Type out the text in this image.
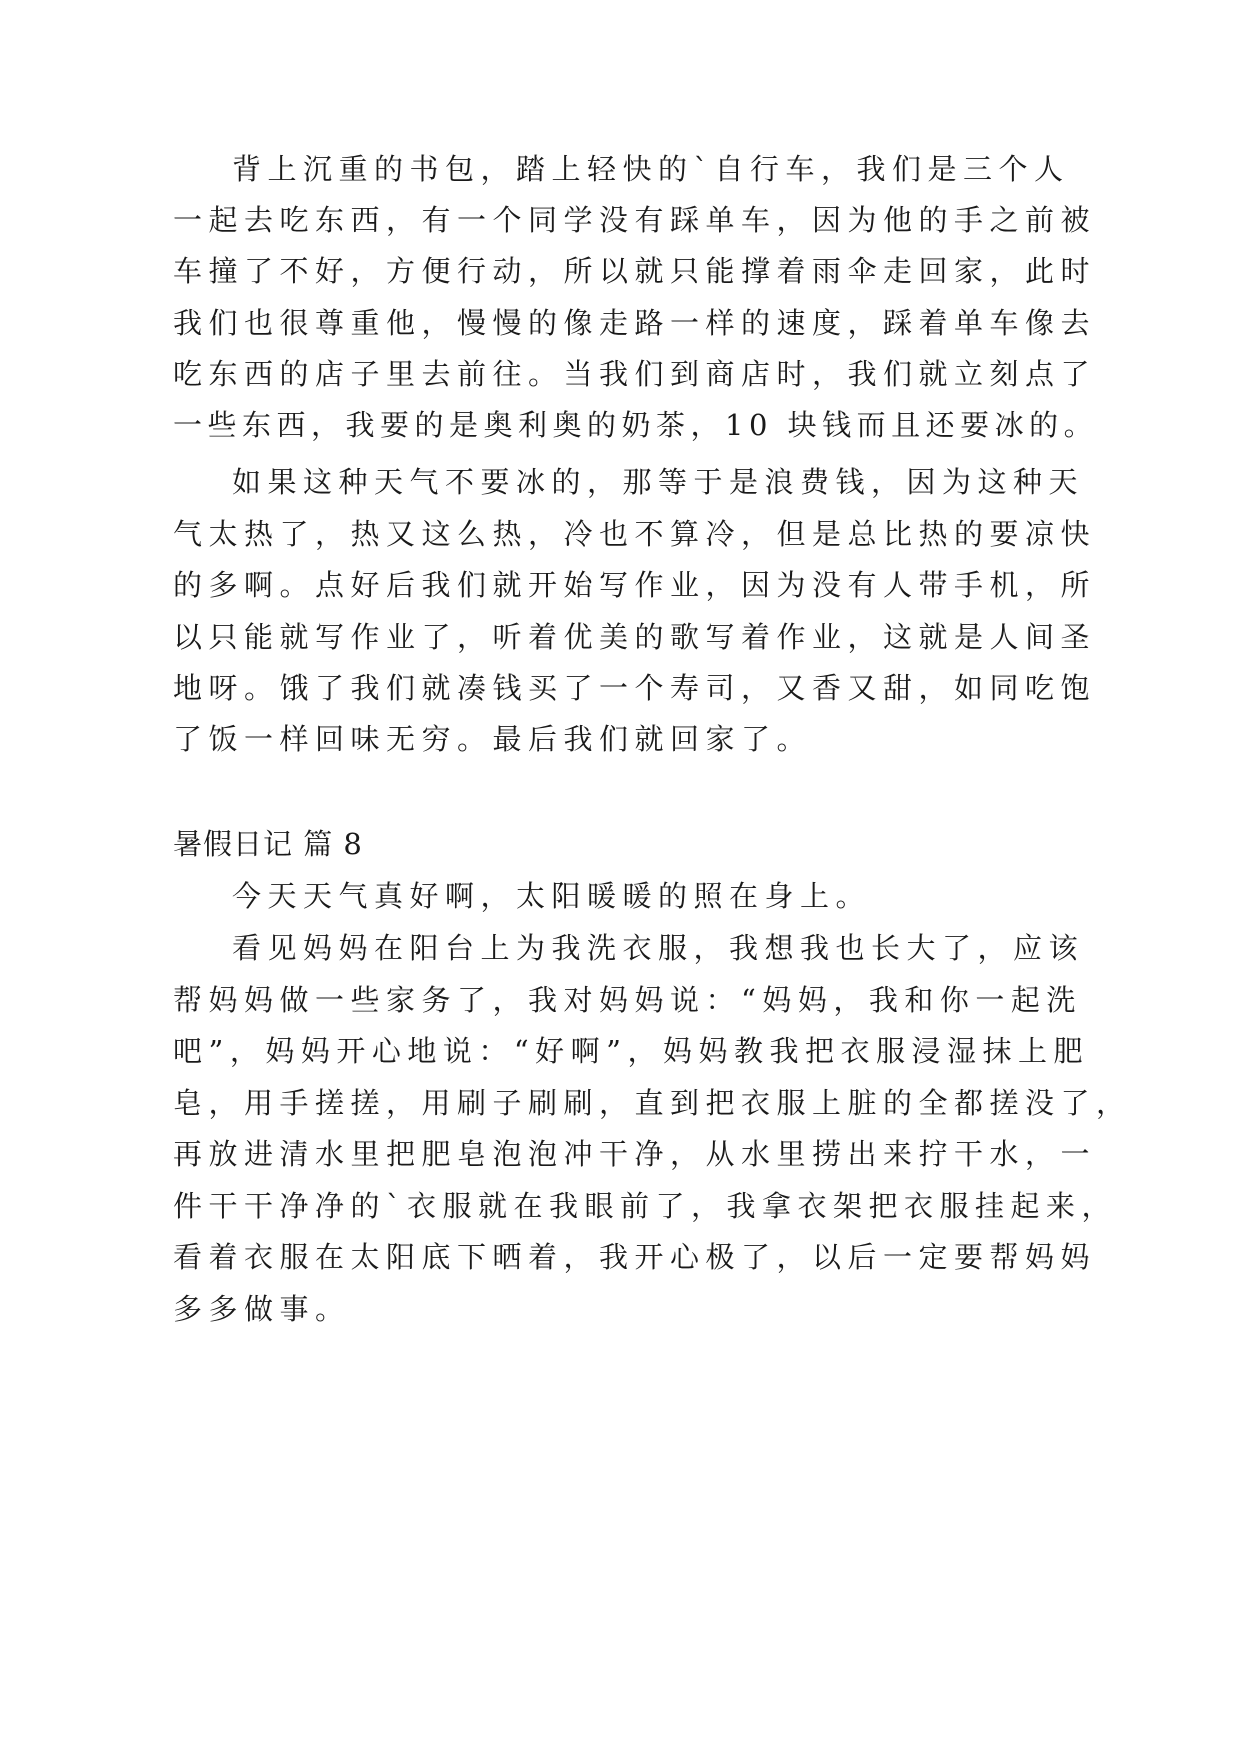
背上沉重的书包，踏上轻快的`自行车，我们是三个人

一起去吃东西，有一个同学没有踩单车，因为他的手之前被

车撞了不好，方便行动，所以就只能撑着雨伞走回家，此时

我们也很尊重他，慢慢的像走路一样的速度，踩着单车像去

吃东西的店子里去前往。当我们到商店时，我们就立刻点了

一些东西，我要的是奥利奥的奶茶，10 块钱而且还要冰的。

如果这种天气不要冰的，那等于是浪费钱，因为这种天

气太热了，热又这么热，冷也不算冷，但是总比热的要凉快

的多啊。点好后我们就开始写作业，因为没有人带手机，所

以只能就写作业了，听着优美的歌写着作业，这就是人间圣

地呀。饿了我们就凑钱买了一个寿司，又香又甜，如同吃饱

了饭一样回味无穷。最后我们就回家了。

暑假日记 篇 8

今天天气真好啊，太阳暖暖的照在身上。

看见妈妈在阳台上为我洗衣服，我想我也长大了，应该

帮妈妈做一些家务了，我对妈妈说：“妈妈，我和你一起洗

吧”，妈妈开心地说：“好啊”，妈妈教我把衣服浸湿抹上肥

皂，用手搓搓，用刷子刷刷，直到把衣服上脏的全都搓没了，

再放进清水里把肥皂泡泡冲干净，从水里捞出来拧干水，一

件干干净净的`衣服就在我眼前了，我拿衣架把衣服挂起来，

看着衣服在太阳底下晒着，我开心极了，以后一定要帮妈妈

多多做事。
